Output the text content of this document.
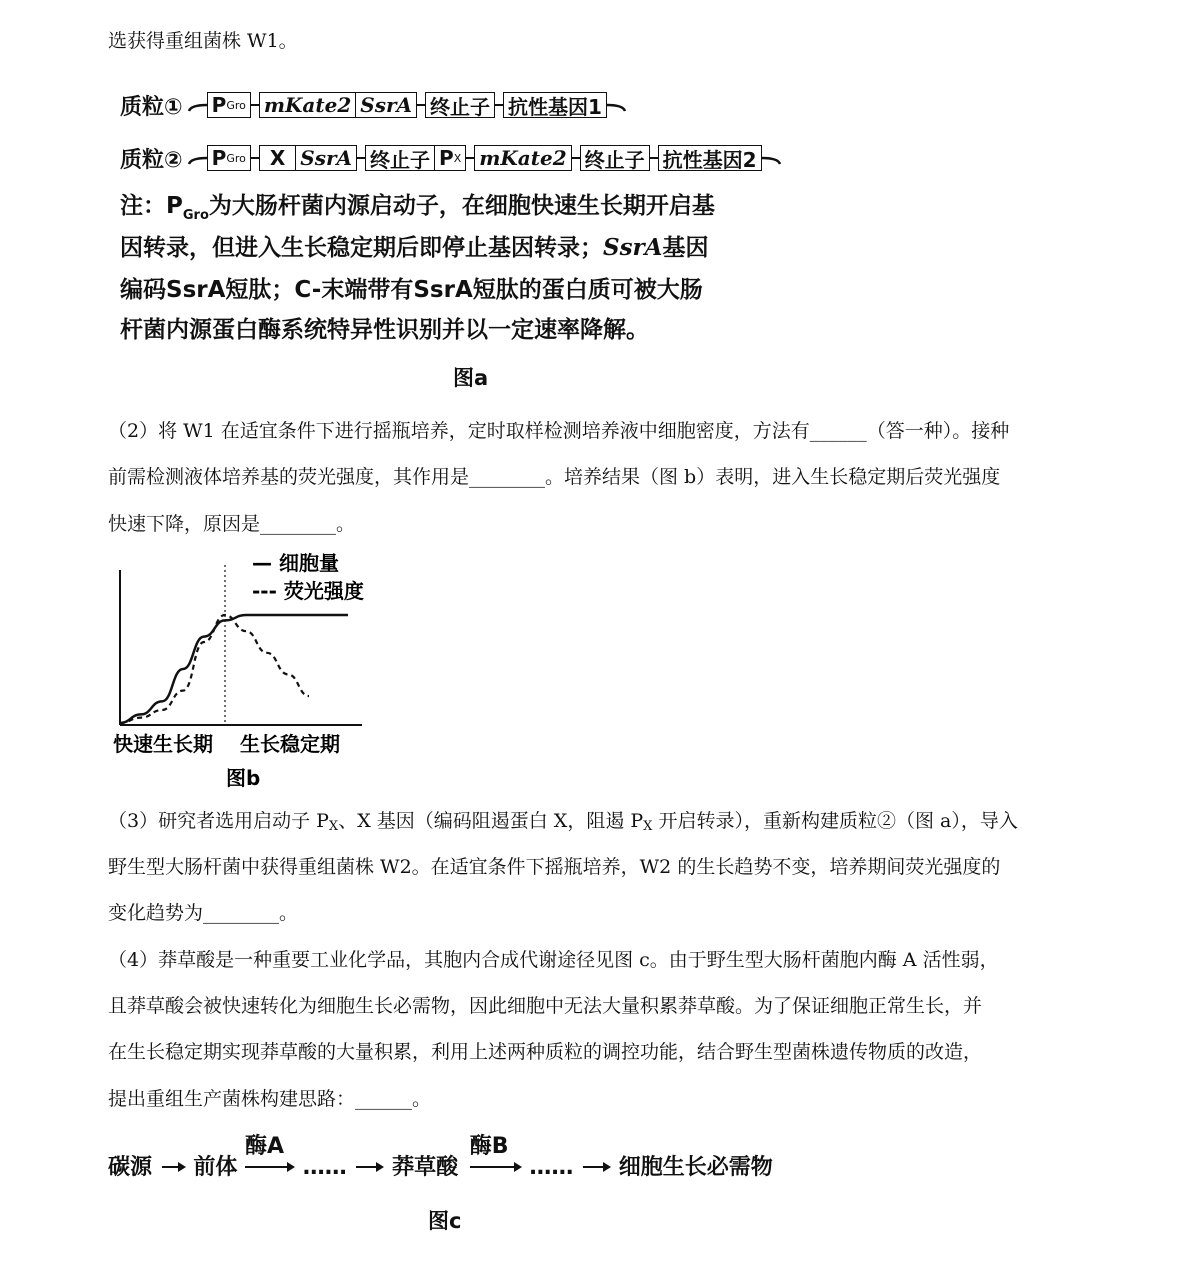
选获得重组菌株 W1。
质粒① P Gro mKate2 SsrA 终止子 抗性基因1
质粒② P Gro	X SsrA 终止子 P X mKate2 终止子 抗性基因2
注：$P_{Gro}$为大肠杆菌内源启动子，在细胞快速生长期开启基
因转录，但进入生长稳定期后即停止基因转录；SsrA基因
编码SsrA短肽；C-末端带有SsrA短肽的蛋白质可被大肠
杆菌内源蛋白酶系统特异性识别并以一定速率降解。
图a
（2）将 W1 在适宜条件下进行摇瓶培养，定时取样检测培养液中细胞密度，方法有______（答一种）。接种
前需检测液体培养基的荧光强度，其作用是________。培养结果（图 b）表明，进入生长稳定期后荧光强度
快速下降，原因是________。
— 细胞量
--- 荧光强度
快速生长期 生长稳定期
图b
（3）研究者选用启动子 PX、X 基因（编码阻遏蛋白 X，阻遏 PX 开启转录），重新构建质粒②（图 a），导入
野生型大肠杆菌中获得重组菌株 W2。在适宜条件下摇瓶培养，W2 的生长趋势不变，培养期间荧光强度的
变化趋势为________。
（4）莽草酸是一种重要工业化学品，其胞内合成代谢途径见图 c。由于野生型大肠杆菌胞内酶 A 活性弱，
且莽草酸会被快速转化为细胞生长必需物，因此细胞中无法大量积累莽草酸。为了保证细胞正常生长，并
在生长稳定期实现莽草酸的大量积累，利用上述两种质粒的调控功能，结合野生型菌株遗传物质的改造，
提出重组生产菌株构建思路：______。
碳源 前体
酶A
…… 莽草酸
酶B
…… 细胞生长必需物
图c
